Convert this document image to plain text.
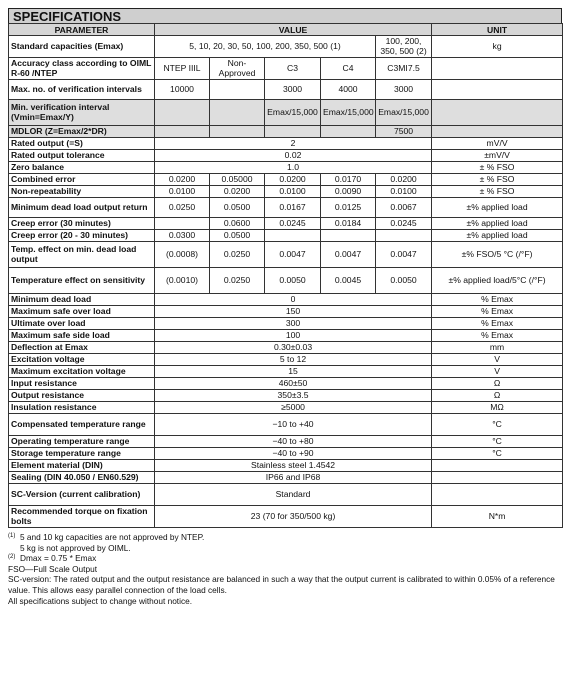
SPECIFICATIONS
PARAMETER	VALUE					UNIT
Standard capacities (Emax)	5, 10, 20, 30, 50, 100, 200, 350, 500 (1)				100, 200, 350, 500 (2)	kg
Accuracy class according to OIML R-60 /NTEP	NTEP IIIL	Non-Approved	C3	C4	C3MI7.5	
Max. no. of verification intervals	10000		3000	4000	3000	
Min. verification interval (Vmin=Emax/Y)			Emax/15,000	Emax/15,000	Emax/15,000	
MDLOR (Z=Emax/2*DR)					7500	
Rated output (=S)	2					mV/V
Rated output tolerance	0.02					±mV/V
Zero balance	1.0					± % FSO
Combined error	0.0200	0.05000	0.0200	0.0170	0.0200	± % FSO
Non-repeatability	0.0100	0.0200	0.0100	0.0090	0.0100	± % FSO
Minimum dead load output return	0.0250	0.0500	0.0167	0.0125	0.0067	±% applied load
Creep error (30 minutes)		0.0600	0.0245	0.0184	0.0245	±% applied load
Creep error (20 - 30 minutes)	0.0300	0.0500				±% applied load
Temp. effect on min. dead load output	(0.0008)	0.0250	0.0047	0.0047	0.0047	±% FSO/5 °C (/°F)
Temperature effect on sensitivity	(0.0010)	0.0250	0.0050	0.0045	0.0050	±% applied load/5°C (/°F)
Minimum dead load	0					% Emax
Maximum safe over load	150					% Emax
Ultimate over load	300					% Emax
Maximum safe side load	100					% Emax
Deflection at Emax	0.30±0.03					mm
Excitation voltage	5 to 12					V
Maximum excitation voltage	15					V
Input resistance	460±50					Ω
Output resistance	350±3.5					Ω
Insulation resistance	≥5000					MΩ
Compensated temperature range	−10 to +40					°C
Operating temperature range	−40 to +80					°C
Storage temperature range	−40 to +90					°C
Element material (DIN)	Stainless steel 1.4542					
Sealing (DIN 40.050 / EN60.529)	IP66 and IP68					
SC-Version (current calibration)	Standard					
Recommended torque on fixation bolts	23 (70 for 350/500 kg)					N*m
(1) 5 and 10 kg capacities are not approved by NTEP.
5 kg is not approved by OIML.
(2) Dmax = 0.75 * Emax
FSO—Full Scale Output
SC-version: The rated output and the output resistance are balanced in such a way that the output current is calibrated to within 0.05% of a reference value. This allows easy parallel connection of the load cells.
All specifications subject to change without notice.
